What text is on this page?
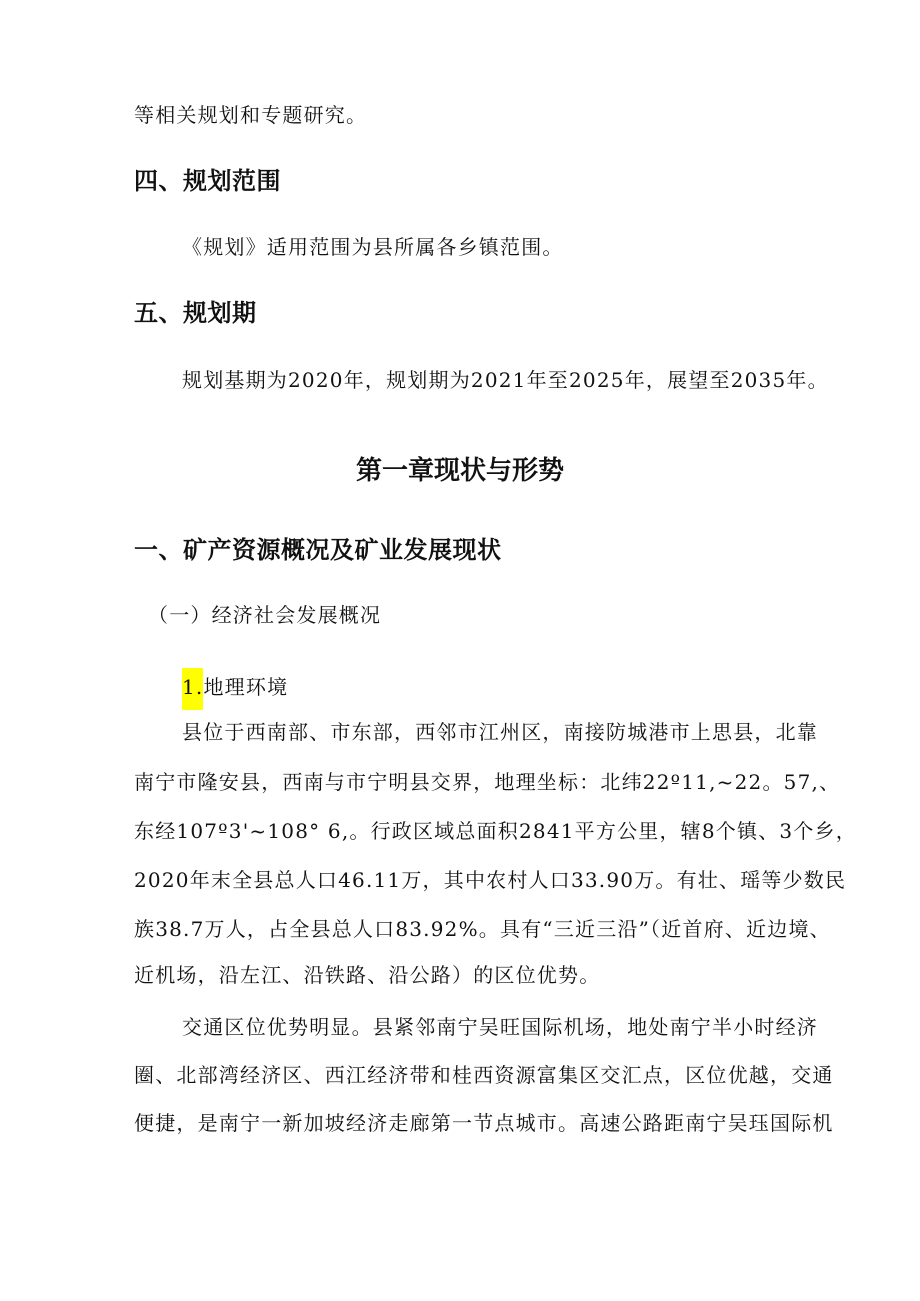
等相关规划和专题研究。
四、规划范围
《规划》适用范围为县所属各乡镇范围。
五、规划期
规划基期为2020年，规划期为2021年至2025年，展望至2035年。
第一章现状与形势
一、矿产资源概况及矿业发展现状
（一）经济社会发展概况
1.地理环境
县位于西南部、市东部，西邻市江州区，南接防城港市上思县，北靠
南宁市隆安县，西南与市宁明县交界，地理坐标：北纬22º11,~22。57,、
东经107º3'~108° 6,。行政区域总面积2841平方公里，辖8个镇、3个乡，
2020年末全县总人口46.11万，其中农村人口33.90万。有壮、瑶等少数民
族38.7万人，占全县总人口83.92%。具有“三近三沿”（近首府、近边境、
近机场，沿左江、沿铁路、沿公路）的区位优势。
交通区位优势明显。县紧邻南宁吴旺国际机场，地处南宁半小时经济
圈、北部湾经济区、西江经济带和桂西资源富集区交汇点，区位优越，交通
便捷，是南宁一新加坡经济走廊第一节点城市。高速公路距南宁吴珏国际机
